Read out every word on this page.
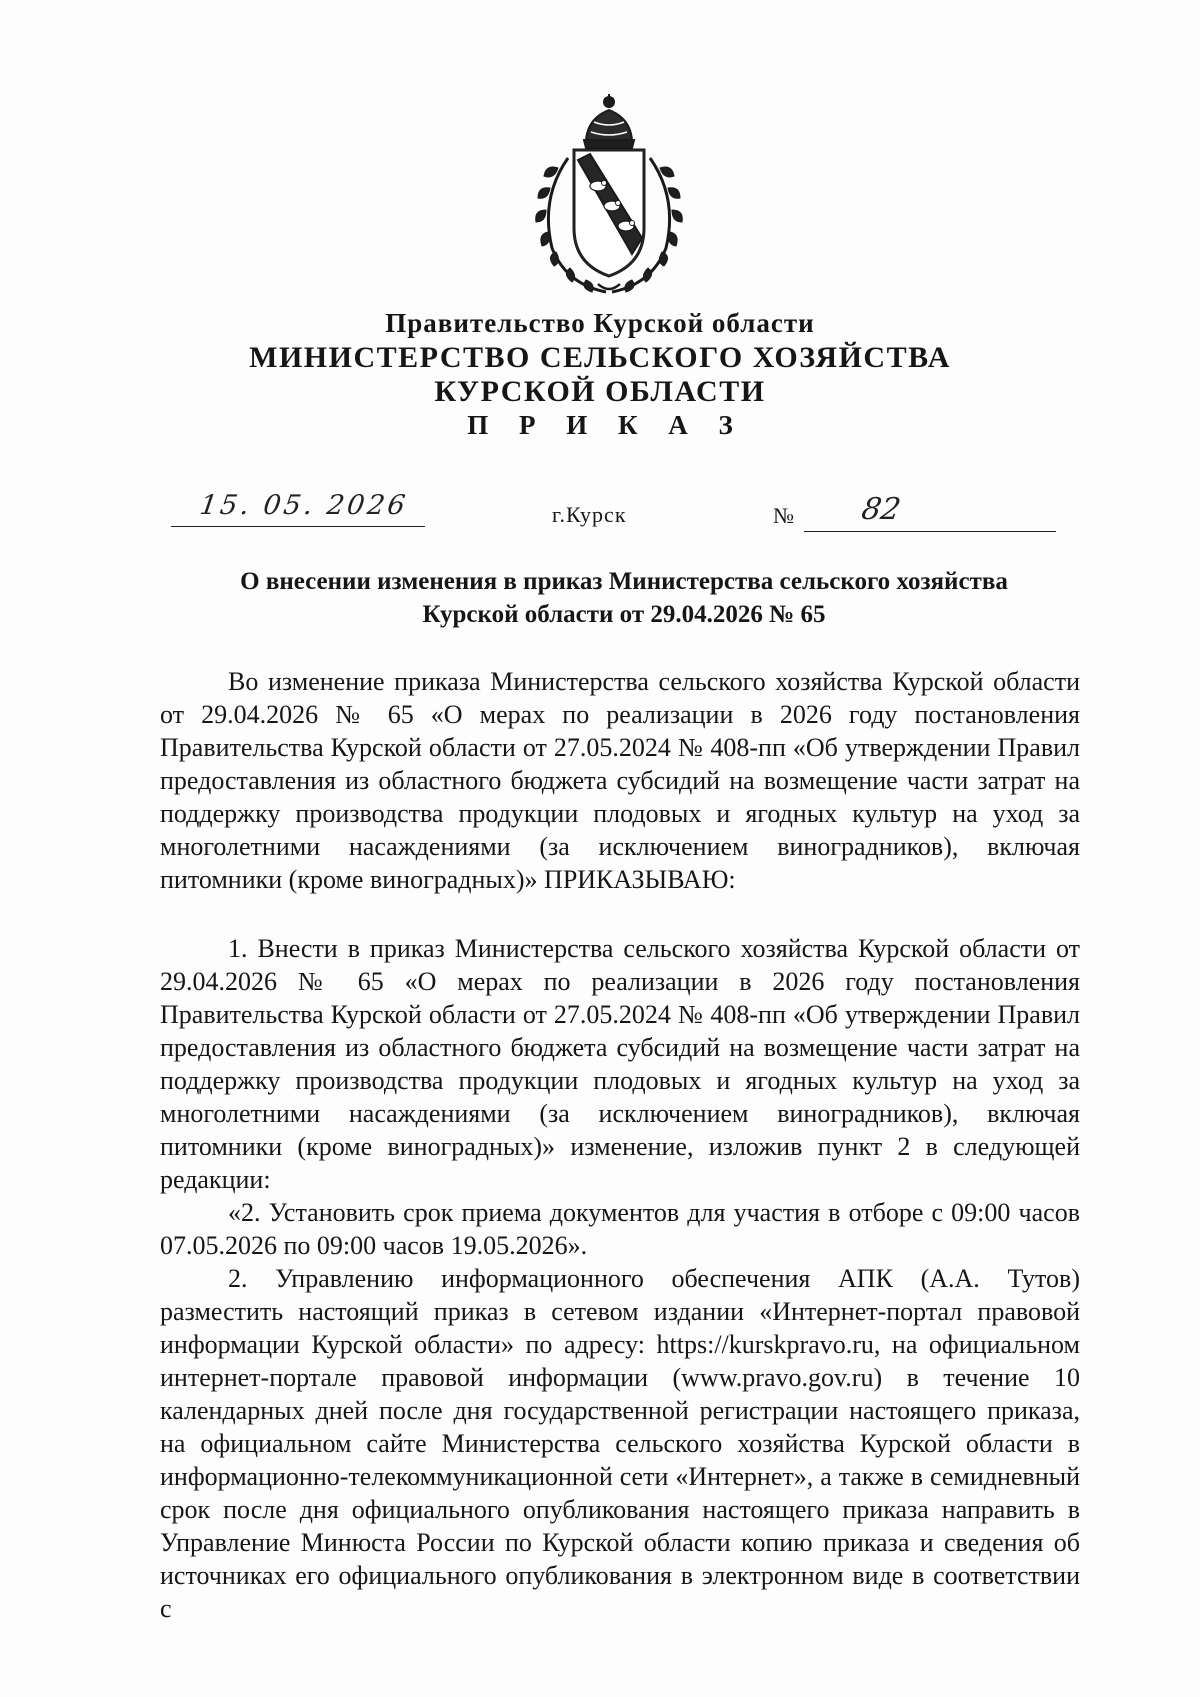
Правительство Курской области
МИНИСТЕРСТВО СЕЛЬСКОГО ХОЗЯЙСТВА
КУРСКОЙ ОБЛАСТИ
П Р И К А З
15. 05. 2026	г.Курск	№ 82
О внесении изменения в приказ Министерства сельского хозяйства
Курской области от 29.04.2026 № 65

Во изменение приказа Министерства сельского хозяйства Курской области от 29.04.2026 № 65 «О мерах по реализации в 2026 году постановления Правительства Курской области от 27.05.2024 № 408-пп «Об утверждении Правил предоставления из областного бюджета субсидий на возмещение части затрат на поддержку производства продукции плодовых и ягодных культур на уход за многолетними насаждениями (за исключением виноградников), включая питомники (кроме виноградных)» ПРИКАЗЫВАЮ:

1. Внести в приказ Министерства сельского хозяйства Курской области от 29.04.2026 № 65 «О мерах по реализации в 2026 году постановления Правительства Курской области от 27.05.2024 № 408-пп «Об утверждении Правил предоставления из областного бюджета субсидий на возмещение части затрат на поддержку производства продукции плодовых и ягодных культур на уход за многолетними насаждениями (за исключением виноградников), включая питомники (кроме виноградных)» изменение, изложив пункт 2 в следующей редакции:

«2. Установить срок приема документов для участия в отборе с 09:00 часов 07.05.2026 по 09:00 часов 19.05.2026».

2. Управлению информационного обеспечения АПК (А.А. Тутов) разместить настоящий приказ в сетевом издании «Интернет-портал правовой информации Курской области» по адресу: https://kurskpravo.ru, на официальном интернет-портале правовой информации (www.pravo.gov.ru) в течение 10 календарных дней после дня государственной регистрации настоящего приказа, на официальном сайте Министерства сельского хозяйства Курской области в информационно-телекоммуникационной сети «Интернет», а также в семидневный срок после дня официального опубликования настоящего приказа направить в Управление Минюста России по Курской области копию приказа и сведения об источниках его официального опубликования в электронном виде в соответствии с
